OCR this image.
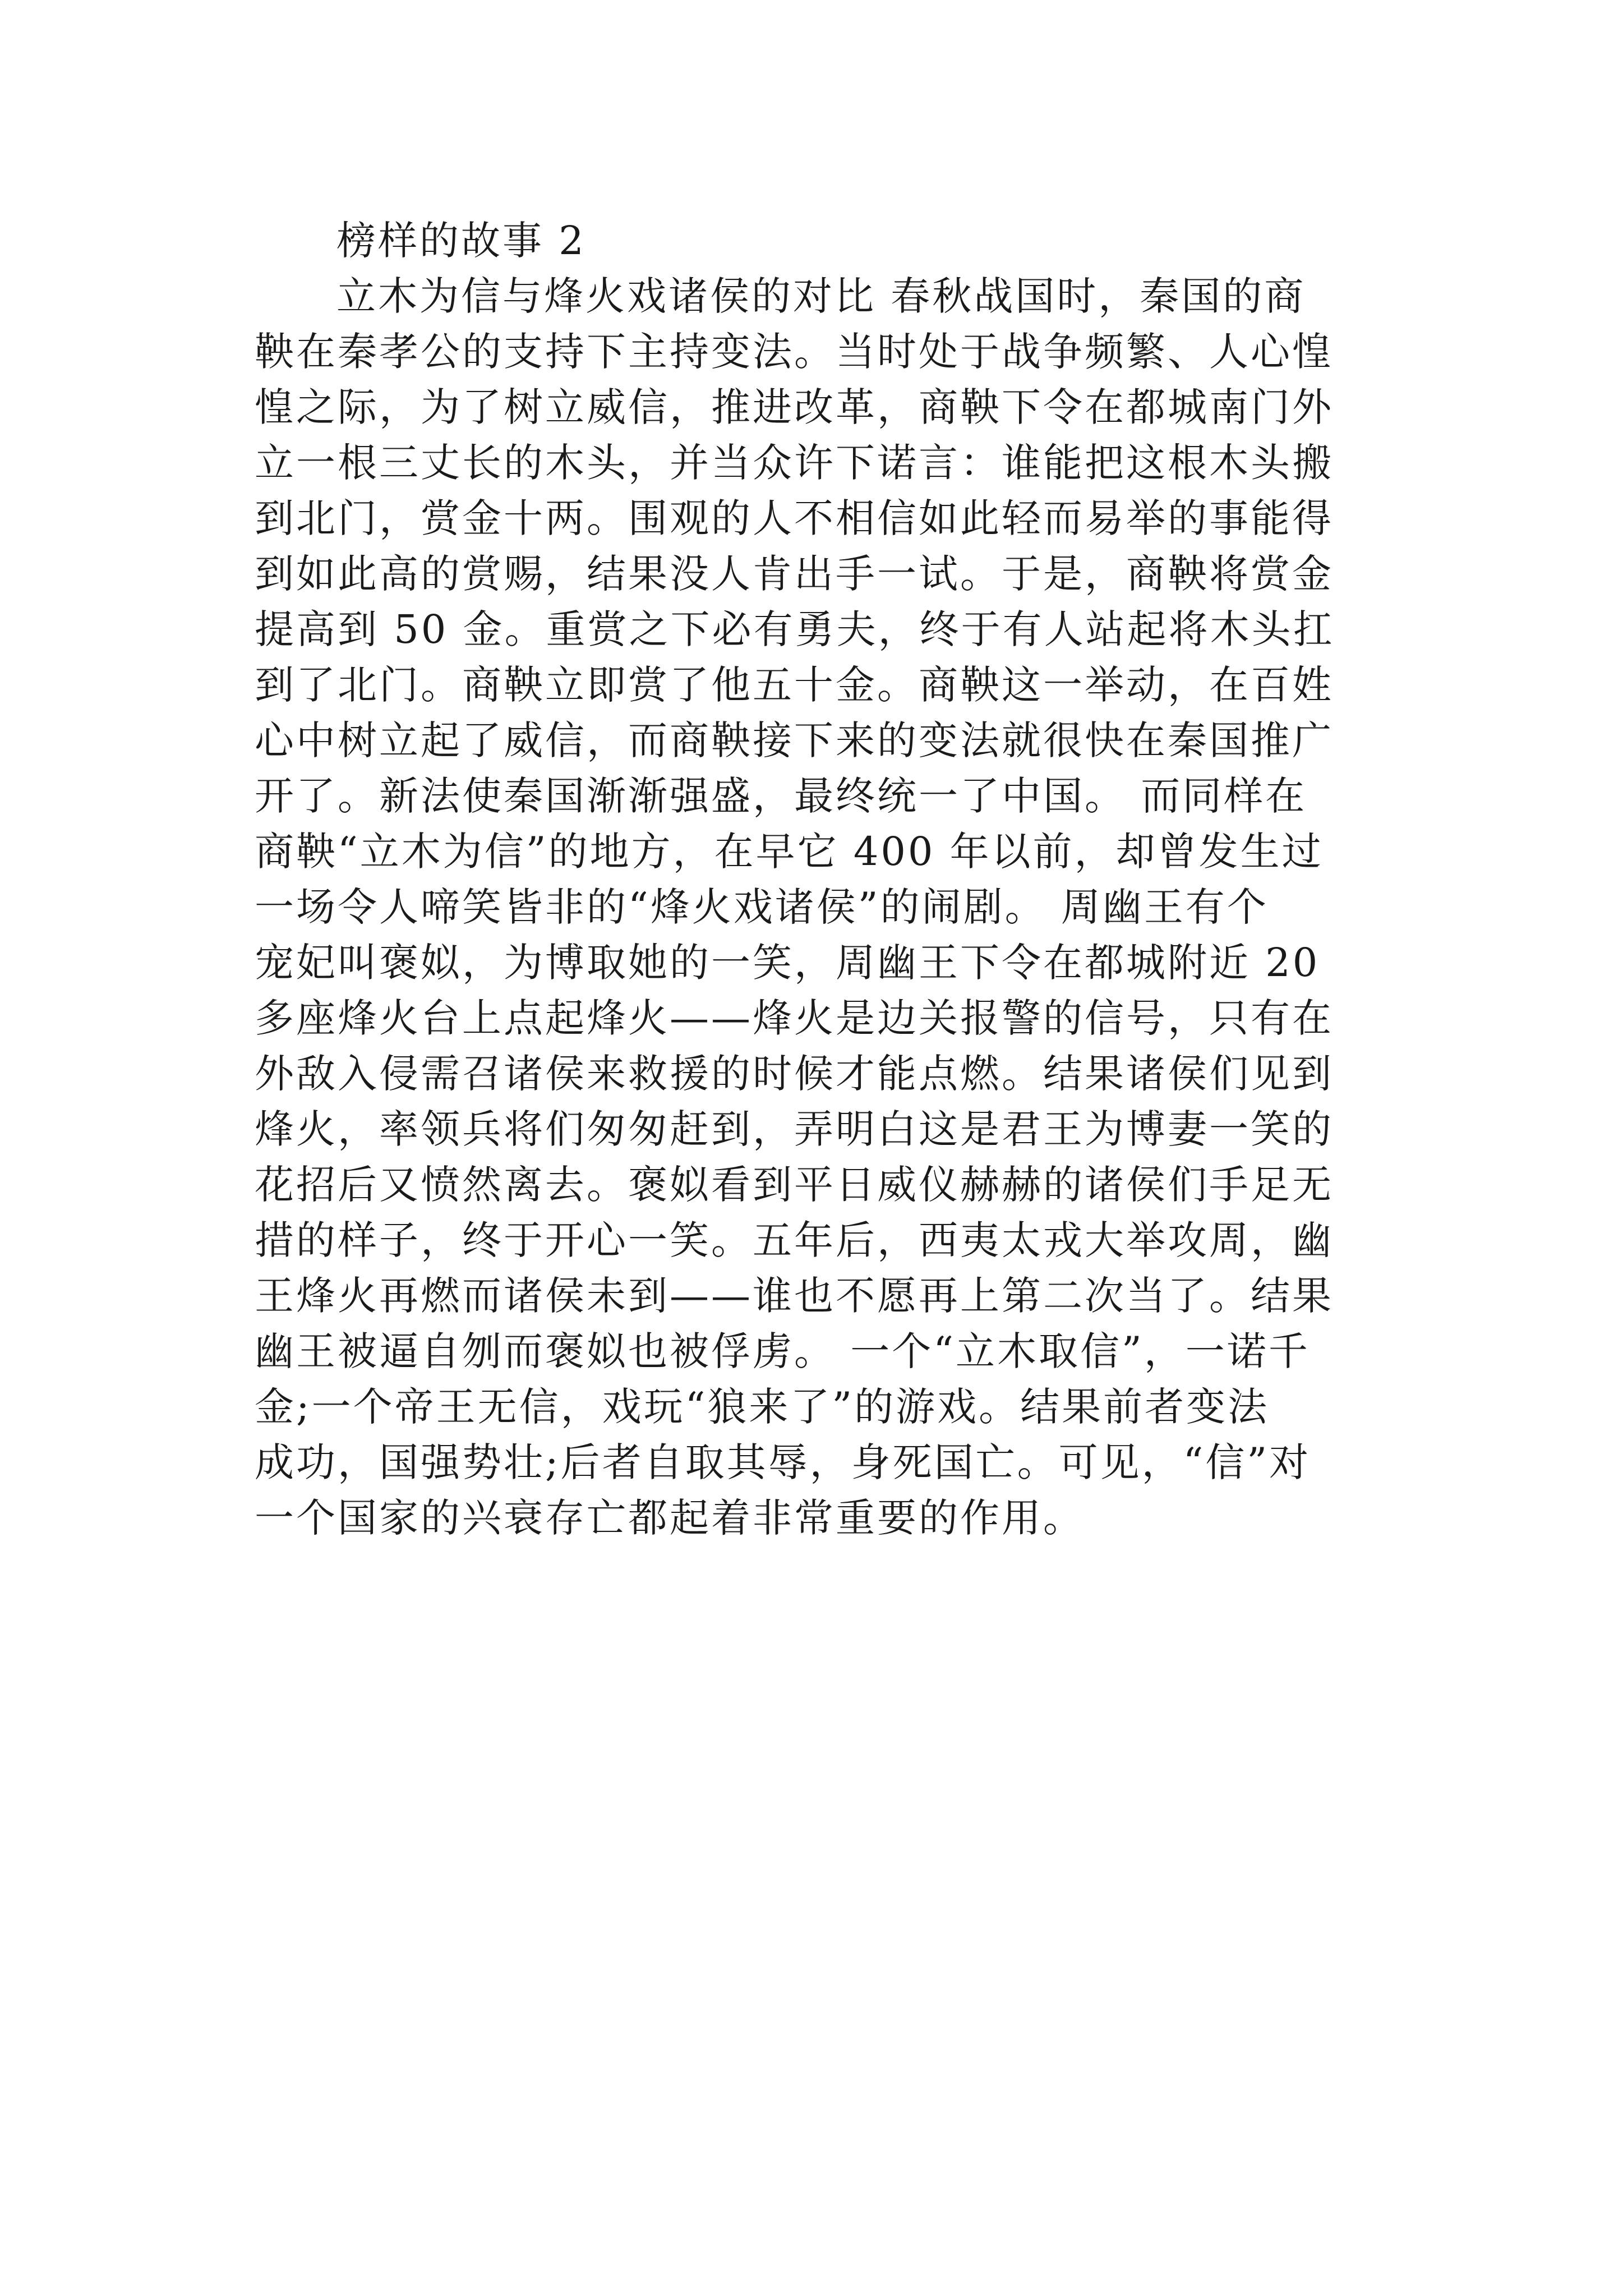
榜样的故事 2
立木为信与烽火戏诸侯的对比 春秋战国时，秦国的商
鞅在秦孝公的支持下主持变法。当时处于战争频繁、人心惶
惶之际，为了树立威信，推进改革，商鞅下令在都城南门外
立一根三丈长的木头，并当众许下诺言：谁能把这根木头搬
到北门，赏金十两。围观的人不相信如此轻而易举的事能得
到如此高的赏赐，结果没人肯出手一试。于是，商鞅将赏金
提高到 50 金。重赏之下必有勇夫，终于有人站起将木头扛
到了北门。商鞅立即赏了他五十金。商鞅这一举动，在百姓
心中树立起了威信，而商鞅接下来的变法就很快在秦国推广
开了。新法使秦国渐渐强盛，最终统一了中国。 而同样在
商鞅“立木为信”的地方，在早它 400 年以前，却曾发生过
一场令人啼笑皆非的“烽火戏诸侯”的闹剧。 周幽王有个
宠妃叫褒姒，为博取她的一笑，周幽王下令在都城附近 20
多座烽火台上点起烽火——烽火是边关报警的信号，只有在
外敌入侵需召诸侯来救援的时候才能点燃。结果诸侯们见到
烽火，率领兵将们匆匆赶到，弄明白这是君王为博妻一笑的
花招后又愤然离去。褒姒看到平日威仪赫赫的诸侯们手足无
措的样子，终于开心一笑。五年后，西夷太戎大举攻周，幽
王烽火再燃而诸侯未到——谁也不愿再上第二次当了。结果
幽王被逼自刎而褒姒也被俘虏。 一个“立木取信”，一诺千
金;一个帝王无信，戏玩“狼来了”的游戏。结果前者变法
成功，国强势壮;后者自取其辱，身死国亡。可见，“信”对
一个国家的兴衰存亡都起着非常重要的作用。
